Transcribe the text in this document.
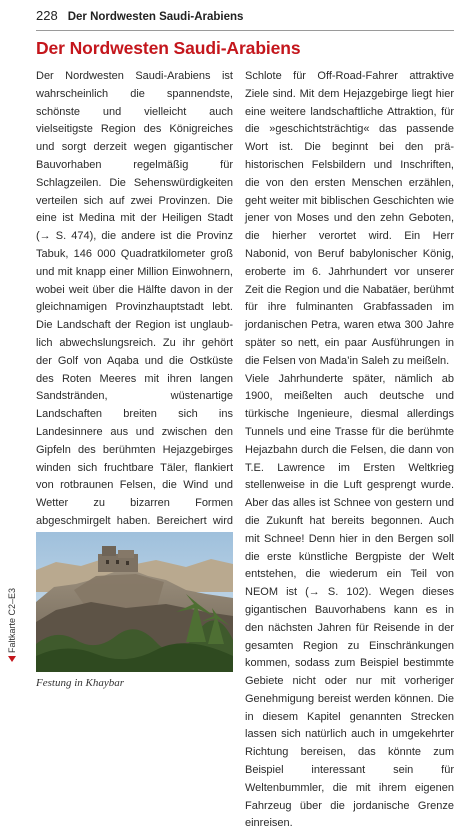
228 Der Nordwesten Saudi-Arabiens
Der Nordwesten Saudi-Arabiens

Der Nordwesten Saudi-Arabiens ist wahrscheinlich die spannendste, schönste und vielleicht auch vielseitigste Region des Königreiches und sorgt derzeit wegen gigantischer Bauvorhaben regelmäßig für Schlagzeilen. Die Sehenswürdigkeiten verteilen sich auf zwei Provinzen. Die eine ist Medina mit der Heiligen Stadt (→ S. 474), die andere ist die Provinz Tabuk, 146 000 Quadratkilometer groß und mit knapp einer Million Einwohnern, wobei weit über die Hälfte davon in der gleichnamigen Provinzhauptstadt lebt. Die Landschaft der Region ist unglaublich abwechslungsreich. Zu ihr gehört der Golf von Aqaba und die Ostküste des Roten Meeres mit ihren langen Sandstränden, wüstenartige Landschaften breiten sich ins Landesinnere aus und zwischen den Gipfeln des berühmten Hejazgebirges winden sich fruchtbare Täler, flankiert von rotbraunen Felsen, die Wind und Wetter zu bizarren Formen abgeschmirgelt haben. Bereichert wird

Festung in Khaybar
Faltkarte C2–E3

Schlote für Off-Road-Fahrer attraktive Ziele sind. Mit dem Hejazgebirge liegt hier eine weitere landschaftliche Attraktion, für die »geschichtsträchtig« das passende Wort ist. Die beginnt bei den prähistorischen Felsbildern und Inschriften, die von den ersten Menschen erzählen, geht weiter mit biblischen Geschichten wie jener von Moses und den zehn Geboten, die hierher verortet wird. Ein Herr Nabonid, von Beruf babylonischer König, eroberte im 6. Jahrhundert vor unserer Zeit die Region und die Nabatäer, berühmt für ihre fulminanten Grabfassaden im jordanischen Petra, waren etwa 300 Jahre später so nett, ein paar Ausführungen in die Felsen von Mada’in Saleh zu meißeln.
Viele Jahrhunderte später, nämlich ab 1900, meißelten auch deutsche und türkische Ingenieure, diesmal allerdings Tunnels und eine Trasse für die berühmte Hejazbahn durch die Felsen, die dann von T.E. Lawrence im Ersten Weltkrieg stellenweise in die Luft gesprengt wurde. Aber das alles ist Schnee von gestern und die Zukunft hat bereits begonnen. Auch mit Schnee! Denn hier in den Bergen soll die erste künstliche Bergpiste der Welt entstehen, die wiederum ein Teil von NEOM ist (→ S. 102). Wegen dieses gigantischen Bauvorhabens kann es in den nächsten Jahren für Reisende in der gesamten Region zu Einschränkungen kommen, sodass zum Beispiel bestimmte Gebiete nicht oder nur mit vorheriger Genehmigung bereist werden können. Die in diesem Kapitel genannten Strecken lassen sich natürlich auch in umgekehrter Richtung bereisen, das könnte zum Beispiel interessant sein für Weltenbummler, die mit ihrem eigenen Fahrzeug über die jordanische Grenze einreisen.
